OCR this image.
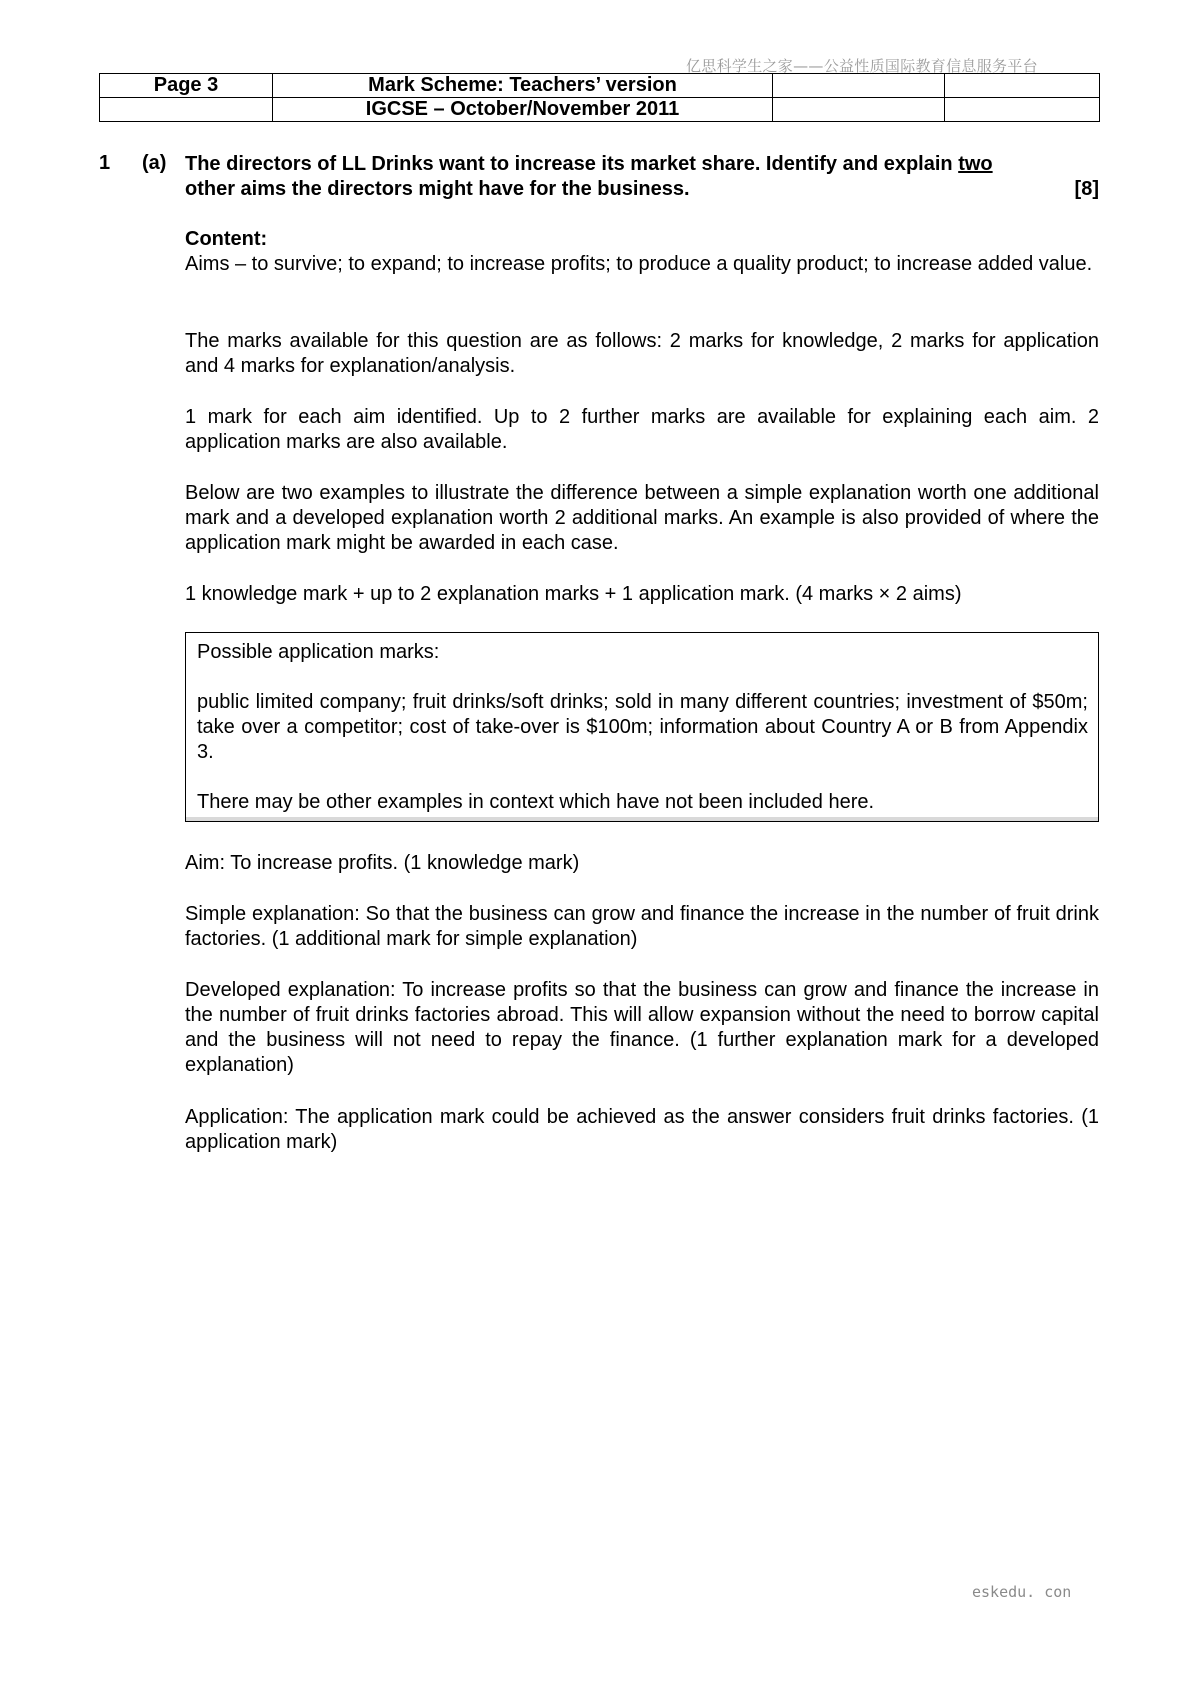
亿思科学生之家——公益性质国际教育信息服务平台
Page 3	Mark Scheme: Teachers’ version		
	IGCSE – October/November 2011		
1 (a) The directors of LL Drinks want to increase its market share. Identify and explain two
other aims the directors might have for the business.	[8]

Content:

Aims – to survive; to expand; to increase profits; to produce a quality product; to increase added value.

The marks available for this question are as follows: 2 marks for knowledge, 2 marks for application and 4 marks for explanation/analysis.

1 mark for each aim identified. Up to 2 further marks are available for explaining each aim. 2 application marks are also available.

Below are two examples to illustrate the difference between a simple explanation worth one additional mark and a developed explanation worth 2 additional marks. An example is also provided of where the application mark might be awarded in each case.

1 knowledge mark + up to 2 explanation marks + 1 application mark. (4 marks × 2 aims)

Possible application marks:

public limited company; fruit drinks/soft drinks; sold in many different countries; investment of $50m; take over a competitor; cost of take-over is $100m; information about Country A or B from Appendix 3.

There may be other examples in context which have not been included here.

Aim: To increase profits. (1 knowledge mark)

Simple explanation: So that the business can grow and finance the increase in the number of fruit drink factories. (1 additional mark for simple explanation)

Developed explanation: To increase profits so that the business can grow and finance the increase in the number of fruit drinks factories abroad. This will allow expansion without the need to borrow capital and the business will not need to repay the finance. (1 further explanation mark for a developed explanation)

Application: The application mark could be achieved as the answer considers fruit drinks factories. (1 application mark)

eskedu. con
